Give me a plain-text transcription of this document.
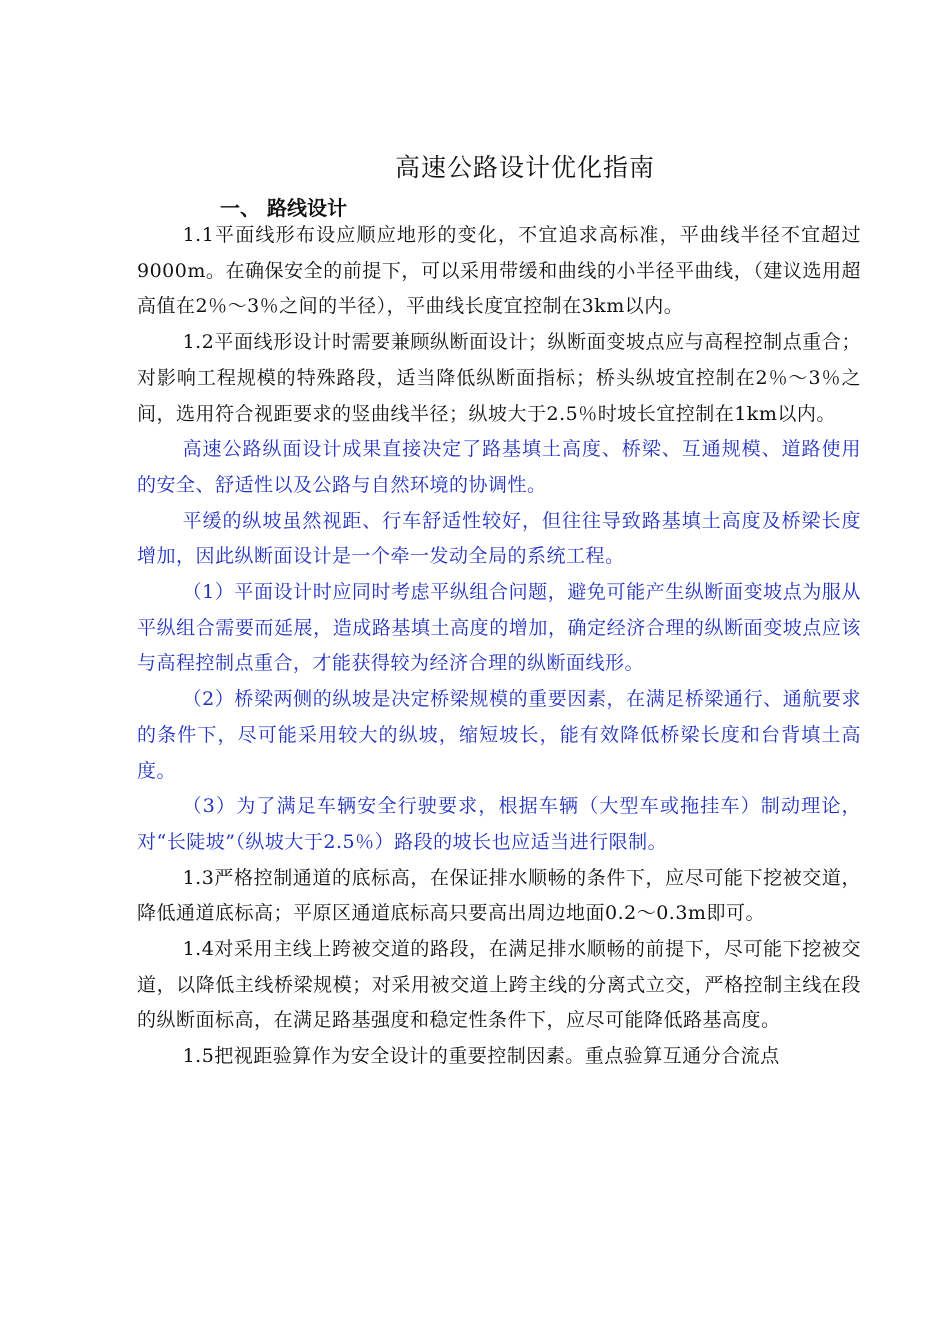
高速公路设计优化指南
一、 路线设计

1.1平面线形布设应顺应地形的变化，不宜追求高标准，平曲线半径不宜超过9000m。在确保安全的前提下，可以采用带缓和曲线的小半径平曲线，（建议选用超高值在2％～3％之间的半径），平曲线长度宜控制在3km以内。

1.2平面线形设计时需要兼顾纵断面设计；纵断面变坡点应与高程控制点重合；对影响工程规模的特殊路段，适当降低纵断面指标；桥头纵坡宜控制在2％～3％之间，选用符合视距要求的竖曲线半径；纵坡大于2.5％时坡长宜控制在1km以内。

高速公路纵面设计成果直接决定了路基填土高度、桥梁、互通规模、道路使用的安全、舒适性以及公路与自然环境的协调性。

平缓的纵坡虽然视距、行车舒适性较好，但往往导致路基填土高度及桥梁长度增加，因此纵断面设计是一个牵一发动全局的系统工程。

（1）平面设计时应同时考虑平纵组合问题，避免可能产生纵断面变坡点为服从平纵组合需要而延展，造成路基填土高度的增加，确定经济合理的纵断面变坡点应该与高程控制点重合，才能获得较为经济合理的纵断面线形。

（2）桥梁两侧的纵坡是决定桥梁规模的重要因素，在满足桥梁通行、通航要求的条件下，尽可能采用较大的纵坡，缩短坡长，能有效降低桥梁长度和台背填土高度。

（3）为了满足车辆安全行驶要求，根据车辆（大型车或拖挂车）制动理论，对“长陡坡”（纵坡大于2.5％）路段的坡长也应适当进行限制。

1.3严格控制通道的底标高，在保证排水顺畅的条件下，应尽可能下挖被交道，降低通道底标高；平原区通道底标高只要高出周边地面0.2～0.3m即可。

1.4对采用主线上跨被交道的路段，在满足排水顺畅的前提下，尽可能下挖被交道，以降低主线桥梁规模；对采用被交道上跨主线的分离式立交，严格控制主线在段的纵断面标高，在满足路基强度和稳定性条件下，应尽可能降低路基高度。

1.5把视距验算作为安全设计的重要控制因素。重点验算互通分合流点
